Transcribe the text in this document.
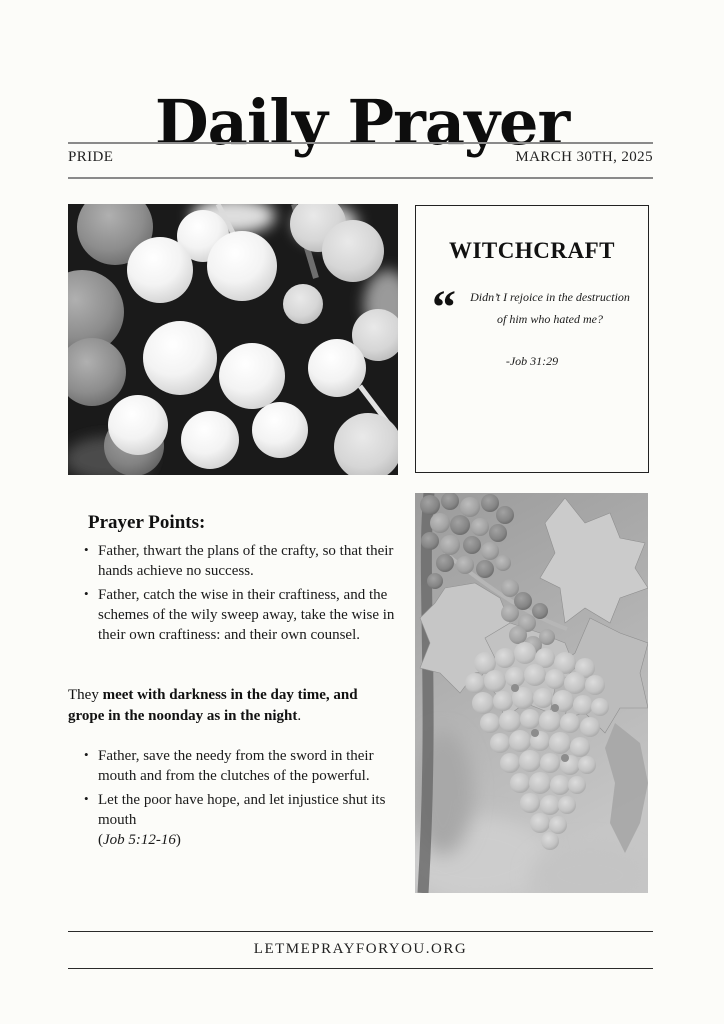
Daily Prayer
PRIDE	MARCH 30TH, 2025
WITCHCRAFT
“	Didn’t I rejoice in the destruction of him who hated me?
-Job 31:29
Prayer Points:
• Father, thwart the plans of the crafty, so that their hands achieve no success.
• Father, catch the wise in their craftiness, and the schemes of the wily sweep away, take the wise in their own craftiness: and their own counsel.

They meet with darkness in the day time, and grope in the noonday as in the night.

• Father, save the needy from the sword in their mouth and from the clutches of the powerful.
• Let the poor have hope, and let injustice shut its mouth
(Job 5:12-16)
LETMEPRAYFORYOU.ORG
